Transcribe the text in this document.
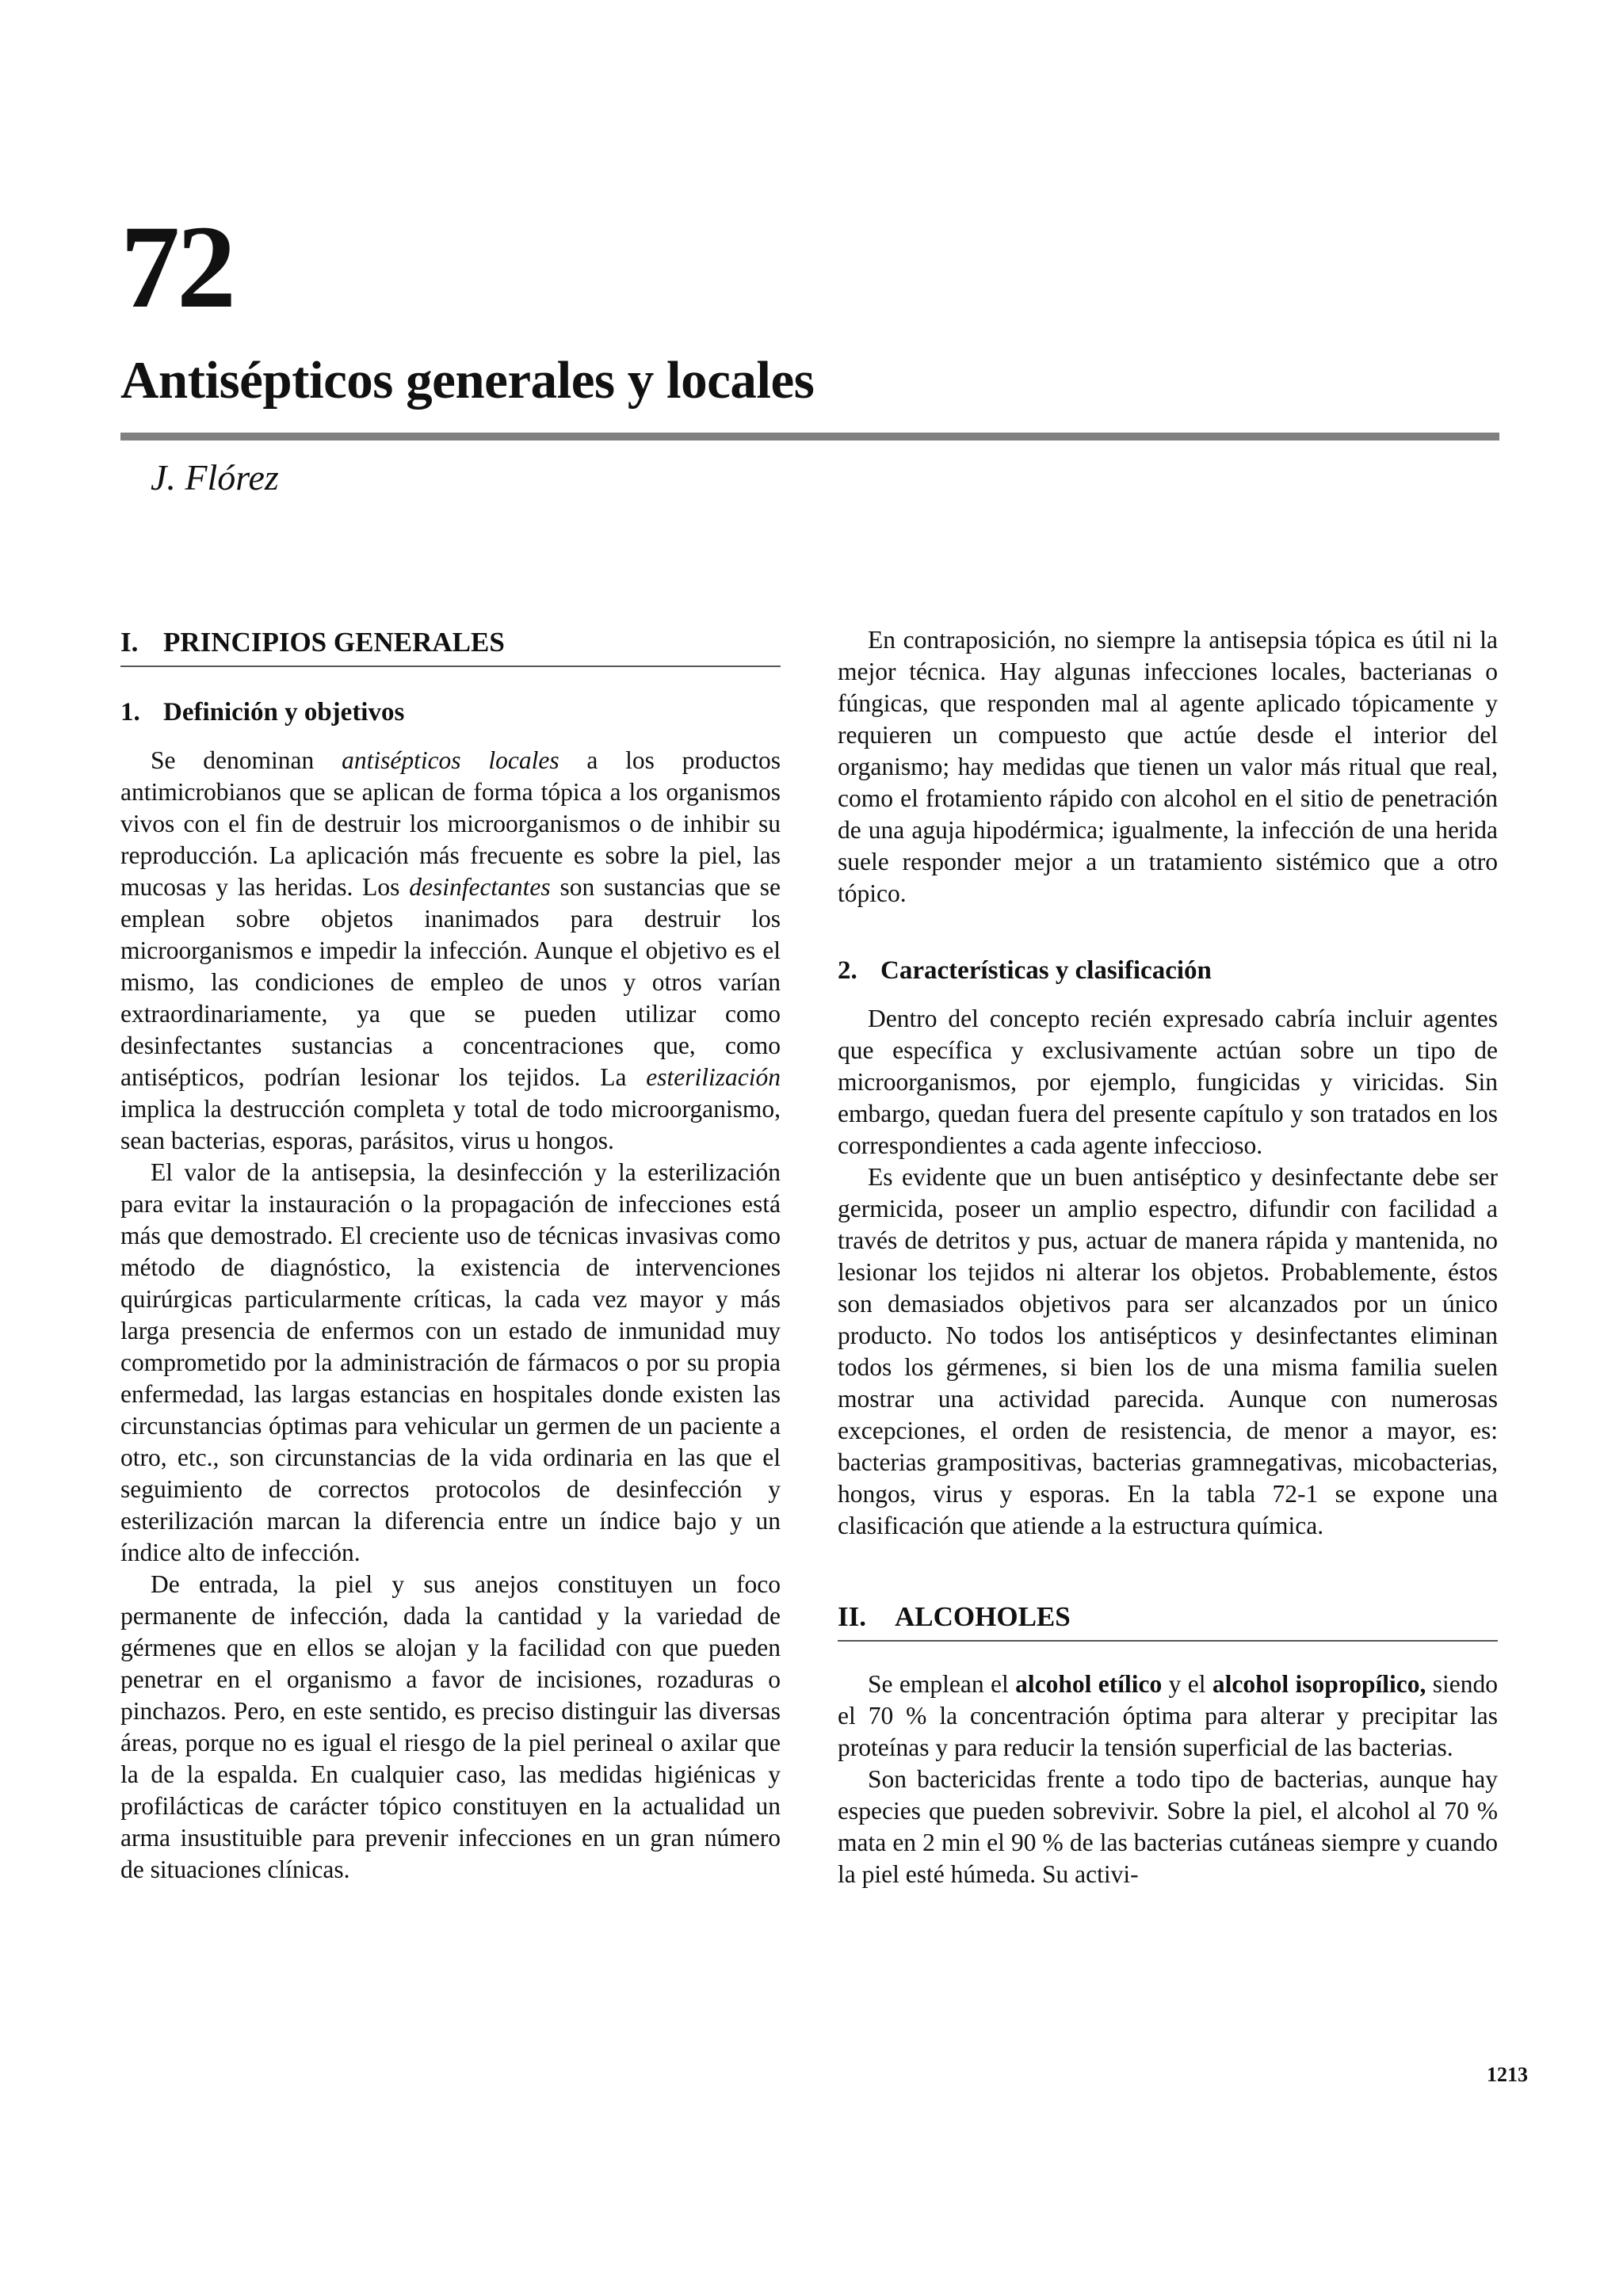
72
Antisépticos generales y locales

J. Flórez

I. PRINCIPIOS GENERALES
1. Definición y objetivos

Se denominan antisépticos locales a los productos antimicrobianos que se aplican de forma tópica a los organismos vivos con el fin de destruir los microorganismos o de inhibir su reproducción. La aplicación más frecuente es sobre la piel, las mucosas y las heridas. Los desinfectantes son sustancias que se emplean sobre objetos inanimados para destruir los microorganismos e impedir la infección. Aunque el objetivo es el mismo, las condiciones de empleo de unos y otros varían extraordinariamente, ya que se pueden utilizar como desinfectantes sustancias a concentraciones que, como antisépticos, podrían lesionar los tejidos. La esterilización implica la destrucción completa y total de todo microorganismo, sean bacterias, esporas, parásitos, virus u hongos.

El valor de la antisepsia, la desinfección y la esterilización para evitar la instauración o la propagación de infecciones está más que demostrado. El creciente uso de técnicas invasivas como método de diagnóstico, la existencia de intervenciones quirúrgicas particularmente críticas, la cada vez mayor y más larga presencia de enfermos con un estado de inmunidad muy comprometido por la administración de fármacos o por su propia enfermedad, las largas estancias en hospitales donde existen las circunstancias óptimas para vehicular un germen de un paciente a otro, etc., son circunstancias de la vida ordinaria en las que el seguimiento de correctos protocolos de desinfección y esterilización marcan la diferencia entre un índice bajo y un índice alto de infección.

De entrada, la piel y sus anejos constituyen un foco permanente de infección, dada la cantidad y la variedad de gérmenes que en ellos se alojan y la facilidad con que pueden penetrar en el organismo a favor de incisiones, rozaduras o pinchazos. Pero, en este sentido, es preciso distinguir las diversas áreas, porque no es igual el riesgo de la piel perineal o axilar que la de la espalda. En cualquier caso, las medidas higiénicas y profilácticas de carácter tópico constituyen en la actualidad un arma insustituible para prevenir infecciones en un gran número de situaciones clínicas.

En contraposición, no siempre la antisepsia tópica es útil ni la mejor técnica. Hay algunas infecciones locales, bacterianas o fúngicas, que responden mal al agente aplicado tópicamente y requieren un compuesto que actúe desde el interior del organismo; hay medidas que tienen un valor más ritual que real, como el frotamiento rápido con alcohol en el sitio de penetración de una aguja hipodérmica; igualmente, la infección de una herida suele responder mejor a un tratamiento sistémico que a otro tópico.

2. Características y clasificación

Dentro del concepto recién expresado cabría incluir agentes que específica y exclusivamente actúan sobre un tipo de microorganismos, por ejemplo, fungicidas y viricidas. Sin embargo, quedan fuera del presente capítulo y son tratados en los correspondientes a cada agente infeccioso.

Es evidente que un buen antiséptico y desinfectante debe ser germicida, poseer un amplio espectro, difundir con facilidad a través de detritos y pus, actuar de manera rápida y mantenida, no lesionar los tejidos ni alterar los objetos. Probablemente, éstos son demasiados objetivos para ser alcanzados por un único producto. No todos los antisépticos y desinfectantes eliminan todos los gérmenes, si bien los de una misma familia suelen mostrar una actividad parecida. Aunque con numerosas excepciones, el orden de resistencia, de menor a mayor, es: bacterias grampositivas, bacterias gramnegativas, micobacterias, hongos, virus y esporas. En la tabla 72-1 se expone una clasificación que atiende a la estructura química.

II. ALCOHOLES

Se emplean el alcohol etílico y el alcohol isopropílico, siendo el 70 % la concentración óptima para alterar y precipitar las proteínas y para reducir la tensión superficial de las bacterias.

Son bactericidas frente a todo tipo de bacterias, aunque hay especies que pueden sobrevivir. Sobre la piel, el alcohol al 70 % mata en 2 min el 90 % de las bacterias cutáneas siempre y cuando la piel esté húmeda. Su activi-

1213
